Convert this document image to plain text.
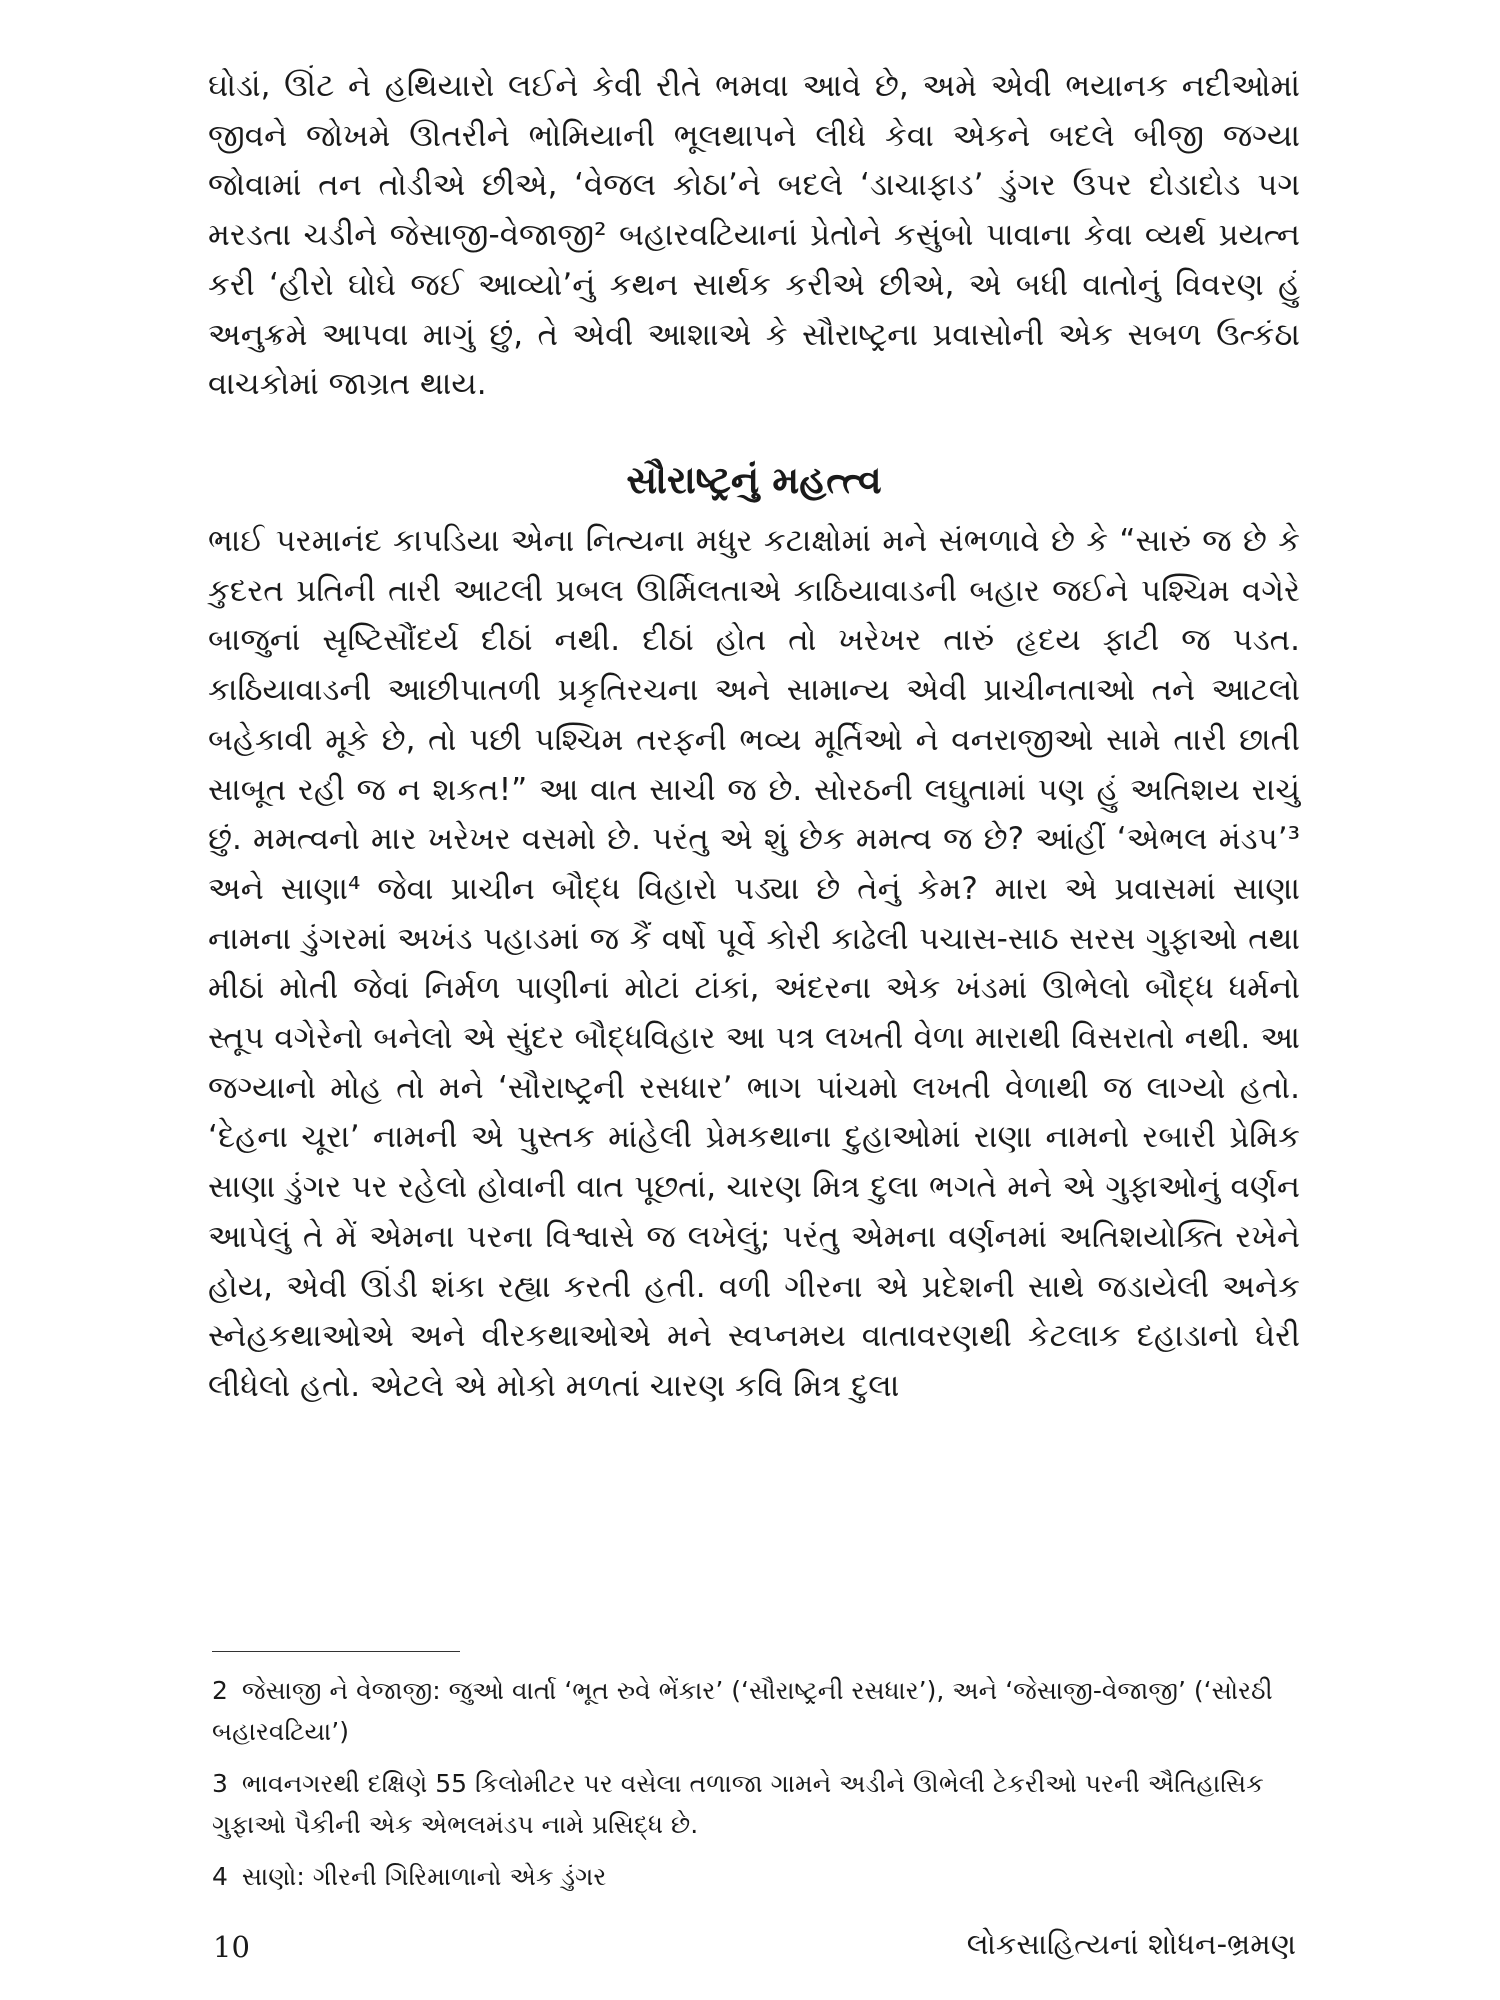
ઘોડાં, ઊંટ ને હથિયારો લઈને કેવી રીતે ભમવા આવે છે, અમે એવી ભયાનક નદીઓમાં જીવને જોખમે ઊતરીને ભોમિયાની ભૂલથાપને લીધે કેવા એકને બદલે બીજી જગ્યા જોવામાં તન તોડીએ છીએ, ‘વેજલ કોઠા’ને બદલે ‘ડાચાફાડ’ ડુંગર ઉપર દોડાદોડ પગ મરડતા ચડીને જેસાજી-વેજાજી² બહારવટિયાનાં પ્રેતોને કસુંબો પાવાના કેવા વ્યર્થ પ્રયત્ન કરી ‘હીરો ઘોઘે જઈ આવ્યો’નું કથન સાર્થક કરીએ છીએ, એ બધી વાતોનું વિવરણ હું અનુક્રમે આપવા માગું છું, તે એવી આશાએ કે સૌરાષ્ટ્રના પ્રવાસોની એક સબળ ઉત્કંઠા વાચકોમાં જાગ્રત થાય.

સૌરાષ્ટ્રનું મહત્ત્વ

ભાઈ પરમાનંદ કાપડિયા એના નિત્યના મધુર કટાક્ષોમાં મને સંભળાવે છે કે “સારું જ છે કે કુદરત પ્રતિની તારી આટલી પ્રબલ ઊર્મિલતાએ કાઠિયાવાડની બહાર જઈને પશ્ચિમ વગેરે બાજુનાં સૃષ્ટિસૌંદર્ય દીઠાં નથી. દીઠાં હોત તો ખરેખર તારું હૃદય ફાટી જ પડત. કાઠિયાવાડની આછીપાતળી પ્રકૃતિરચના અને સામાન્ય એવી પ્રાચીનતાઓ તને આટલો બહેકાવી મૂકે છે, તો પછી પશ્ચિમ તરફની ભવ્ય મૂર્તિઓ ને વનરાજીઓ સામે તારી છાતી સાબૂત રહી જ ન શકત!” આ વાત સાચી જ છે. સોરઠની લઘુતામાં પણ હું અતિશય રાચું છું. મમત્વનો માર ખરેખર વસમો છે. પરંતુ એ શું છેક મમત્વ જ છે? આંહીં ‘એભલ મંડપ’³ અને સાણા⁴ જેવા પ્રાચીન બૌદ્ધ વિહારો પડ્યા છે તેનું કેમ? મારા એ પ્રવાસમાં સાણા નામના ડુંગરમાં અખંડ પહાડમાં જ કૈં વર્ષો પૂર્વે કોરી કાઢેલી પચાસ-સાઠ સરસ ગુફાઓ તથા મીઠાં મોતી જેવાં નિર્મળ પાણીનાં મોટાં ટાંકાં, અંદરના એક ખંડમાં ઊભેલો બૌદ્ધ ધર્મનો સ્તૂપ વગેરેનો બનેલો એ સુંદર બૌદ્ધવિહાર આ પત્ર લખતી વેળા મારાથી વિસરાતો નથી. આ જગ્યાનો મોહ તો મને ‘સૌરાષ્ટ્રની રસધાર’ ભાગ પાંચમો લખતી વેળાથી જ લાગ્યો હતો. ‘દેહના ચૂરા’ નામની એ પુસ્તક માંહેલી પ્રેમકથાના દુહાઓમાં રાણા નામનો રબારી પ્રેમિક સાણા ડુંગર પર રહેલો હોવાની વાત પૂછતાં, ચારણ મિત્ર દુલા ભગતે મને એ ગુફાઓનું વર્ણન આપેલું તે મેં એમના પરના વિશ્વાસે જ લખેલું; પરંતુ એમના વર્ણનમાં અતિશયોક્તિ રખેને હોય, એવી ઊંડી શંકા રહ્યા કરતી હતી. વળી ગીરના એ પ્રદેશની સાથે જડાયેલી અનેક સ્નેહકથાઓએ અને વીરકથાઓએ મને સ્વપ્નમય વાતાવરણથી કેટલાક દહાડાનો ઘેરી લીધેલો હતો. એટલે એ મોકો મળતાં ચારણ કવિ મિત્ર દુલા

2 જેસાજી ને વેજાજી: જુઓ વાર્તા ‘ભૂત રુવે ભેંકાર’ (‘સૌરાષ્ટ્રની રસધાર’), અને ‘જેસાજી-વેજાજી’ (‘સોરઠી બહારવટિયા’)

3 ભાવનગરથી દક્ષિણે 55 કિલોમીટર પર વસેલા તળાજા ગામને અડીને ઊભેલી ટેકરીઓ પરની ઐતિહાસિક ગુફાઓ પૈકીની એક એભલમંડપ નામે પ્રસિદ્ધ છે.

4 સાણો: ગીરની ગિરિમાળાનો એક ડુંગર

10	લોકસાહિત્યનાં શોધન-ભ્રમણ
